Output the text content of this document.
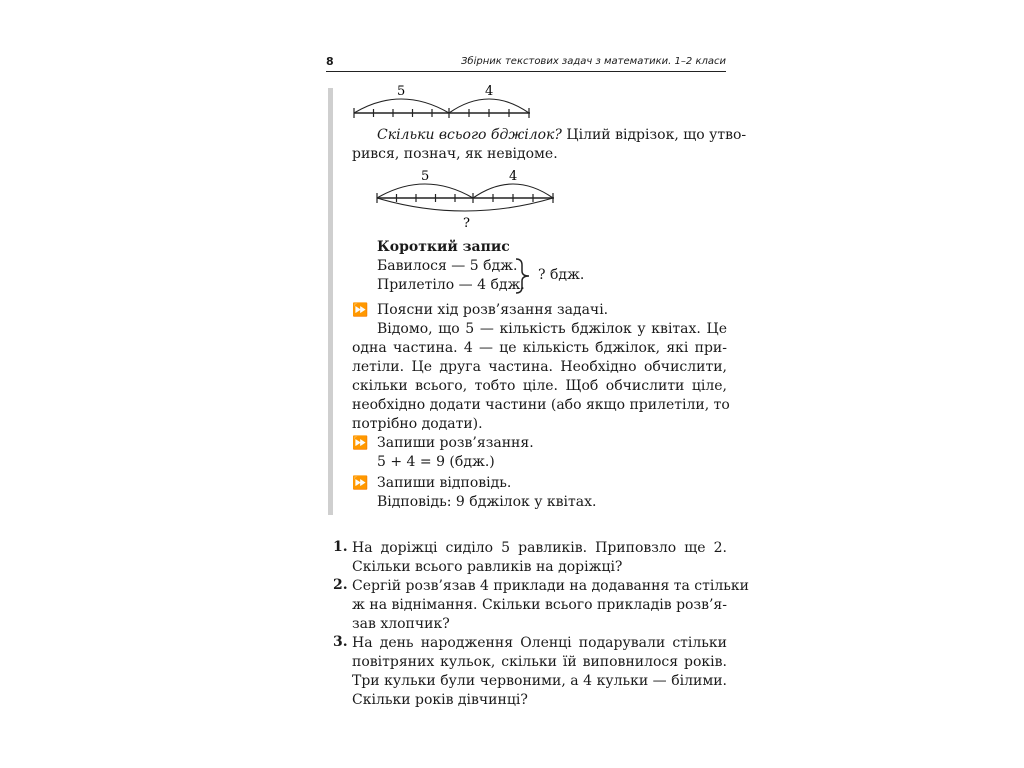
8	Збірник текстових задач з математики. 1–2 класи
5	4
Скільки всього бджілок? Цілий відрізок, що утво-
рився, познач, як невідоме.
5	4
?
Короткий запис
Бавилося — 5 бдж.
Прилетіло — 4 бдж.
? бдж.
⏩ Поясни хід розв’язання задачі.
Відомо, що 5 — кількість бджілок у квітах. Це
одна частина. 4 — це кількість бджілок, які при-
летіли. Це друга частина. Необхідно обчислити,
скільки всього, тобто ціле. Щоб обчислити ціле,
необхідно додати частини (або якщо прилетіли, то
потрібно додати).
⏩ Запиши розв’язання.
5 + 4 = 9 (бдж.)
⏩ Запиши відповідь.
Відповідь: 9 бджілок у квітах.
1. На доріжці сиділо 5 равликів. Приповзло ще 2.
Скільки всього равликів на доріжці?
2. Сергій розв’язав 4 приклади на додавання та стільки
ж на віднімання. Скільки всього прикладів розв’я-
зав хлопчик?
3. На день народження Оленці подарували стільки
повітряних кульок, скільки їй виповнилося років.
Три кульки були червоними, а 4 кульки — білими.
Скільки років дівчинці?
